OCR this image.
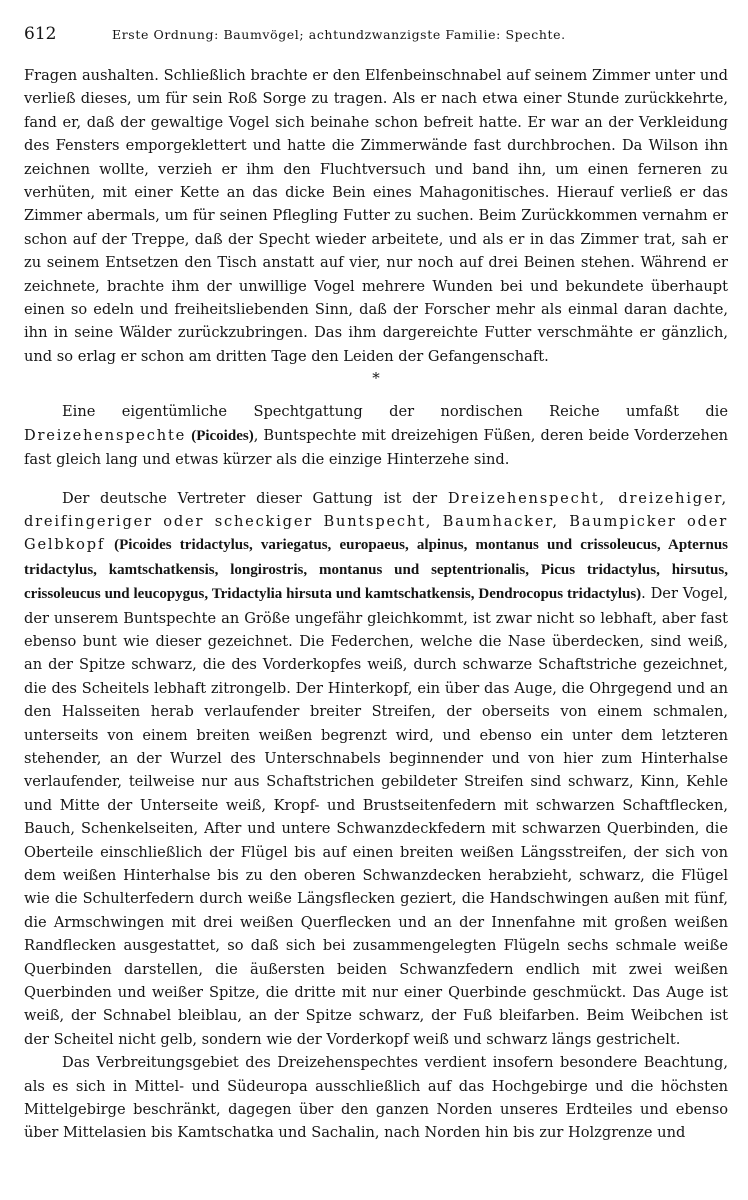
612	Erste Ordnung: Baumvögel; achtundzwanzigste Familie: Spechte.

Fragen aushalten. Schließlich brachte er den Elfenbeinschnabel auf seinem Zimmer unter und verließ dieses, um für sein Roß Sorge zu tragen. Als er nach etwa einer Stunde zurückkehrte, fand er, daß der gewaltige Vogel sich beinahe schon befreit hatte. Er war an der Verkleidung des Fensters emporgeklettert und hatte die Zimmerwände fast durchbrochen. Da Wilson ihn zeichnen wollte, verzieh er ihm den Fluchtversuch und band ihn, um einen ferneren zu verhüten, mit einer Kette an das dicke Bein eines Mahagonitisches. Hierauf verließ er das Zimmer abermals, um für seinen Pflegling Futter zu suchen. Beim Zurückkommen vernahm er schon auf der Treppe, daß der Specht wieder arbeitete, und als er in das Zimmer trat, sah er zu seinem Entsetzen den Tisch anstatt auf vier, nur noch auf drei Beinen stehen. Während er zeichnete, brachte ihm der unwillige Vogel mehrere Wunden bei und bekundete überhaupt einen so edeln und freiheitsliebenden Sinn, daß der Forscher mehr als einmal daran dachte, ihn in seine Wälder zurückzubringen. Das ihm dargereichte Futter verschmähte er gänzlich, und so erlag er schon am dritten Tage den Leiden der Gefangenschaft.

*

Eine eigentümliche Spechtgattung der nordischen Reiche umfaßt die Dreizehenspechte (Picoides), Buntspechte mit dreizehigen Füßen, deren beide Vorderzehen fast gleich lang und etwas kürzer als die einzige Hinterzehe sind.

Der deutsche Vertreter dieser Gattung ist der Dreizehenspecht, dreizehiger, dreifingeriger oder scheckiger Buntspecht, Baumhacker, Baumpicker oder Gelbkopf (Picoides tridactylus, variegatus, europaeus, alpinus, montanus und crissoleucus, Apternus tridactylus, kamtschatkensis, longirostris, montanus und septentrionalis, Picus tridactylus, hirsutus, crissoleucus und leucopygus, Tridactylia hirsuta und kamtschatkensis, Dendrocopus tridactylus). Der Vogel, der unserem Buntspechte an Größe ungefähr gleichkommt, ist zwar nicht so lebhaft, aber fast ebenso bunt wie dieser gezeichnet. Die Federchen, welche die Nase überdecken, sind weiß, an der Spitze schwarz, die des Vorderkopfes weiß, durch schwarze Schaftstriche gezeichnet, die des Scheitels lebhaft zitrongelb. Der Hinterkopf, ein über das Auge, die Ohrgegend und an den Halsseiten herab verlaufender breiter Streifen, der oberseits von einem schmalen, unterseits von einem breiten weißen begrenzt wird, und ebenso ein unter dem letzteren stehender, an der Wurzel des Unterschnabels beginnender und von hier zum Hinterhalse verlaufender, teilweise nur aus Schaftstrichen gebildeter Streifen sind schwarz, Kinn, Kehle und Mitte der Unterseite weiß, Kropf- und Brustseitenfedern mit schwarzen Schaftflecken, Bauch, Schenkelseiten, After und untere Schwanzdeckfedern mit schwarzen Querbinden, die Oberteile einschließlich der Flügel bis auf einen breiten weißen Längsstreifen, der sich von dem weißen Hinterhalse bis zu den oberen Schwanzdecken herabzieht, schwarz, die Flügel wie die Schulterfedern durch weiße Längsflecken geziert, die Handschwingen außen mit fünf, die Armschwingen mit drei weißen Querflecken und an der Innenfahne mit großen weißen Randflecken ausgestattet, so daß sich bei zusammengelegten Flügeln sechs schmale weiße Querbinden darstellen, die äußersten beiden Schwanzfedern endlich mit zwei weißen Querbinden und weißer Spitze, die dritte mit nur einer Querbinde geschmückt. Das Auge ist weiß, der Schnabel bleiblau, an der Spitze schwarz, der Fuß bleifarben. Beim Weibchen ist der Scheitel nicht gelb, sondern wie der Vorderkopf weiß und schwarz längs gestrichelt.

Das Verbreitungsgebiet des Dreizehenspechtes verdient insofern besondere Beachtung, als es sich in Mittel- und Südeuropa ausschließlich auf das Hochgebirge und die höchsten Mittelgebirge beschränkt, dagegen über den ganzen Norden unseres Erdteiles und ebenso über Mittelasien bis Kamtschatka und Sachalin, nach Norden hin bis zur Holzgrenze und
